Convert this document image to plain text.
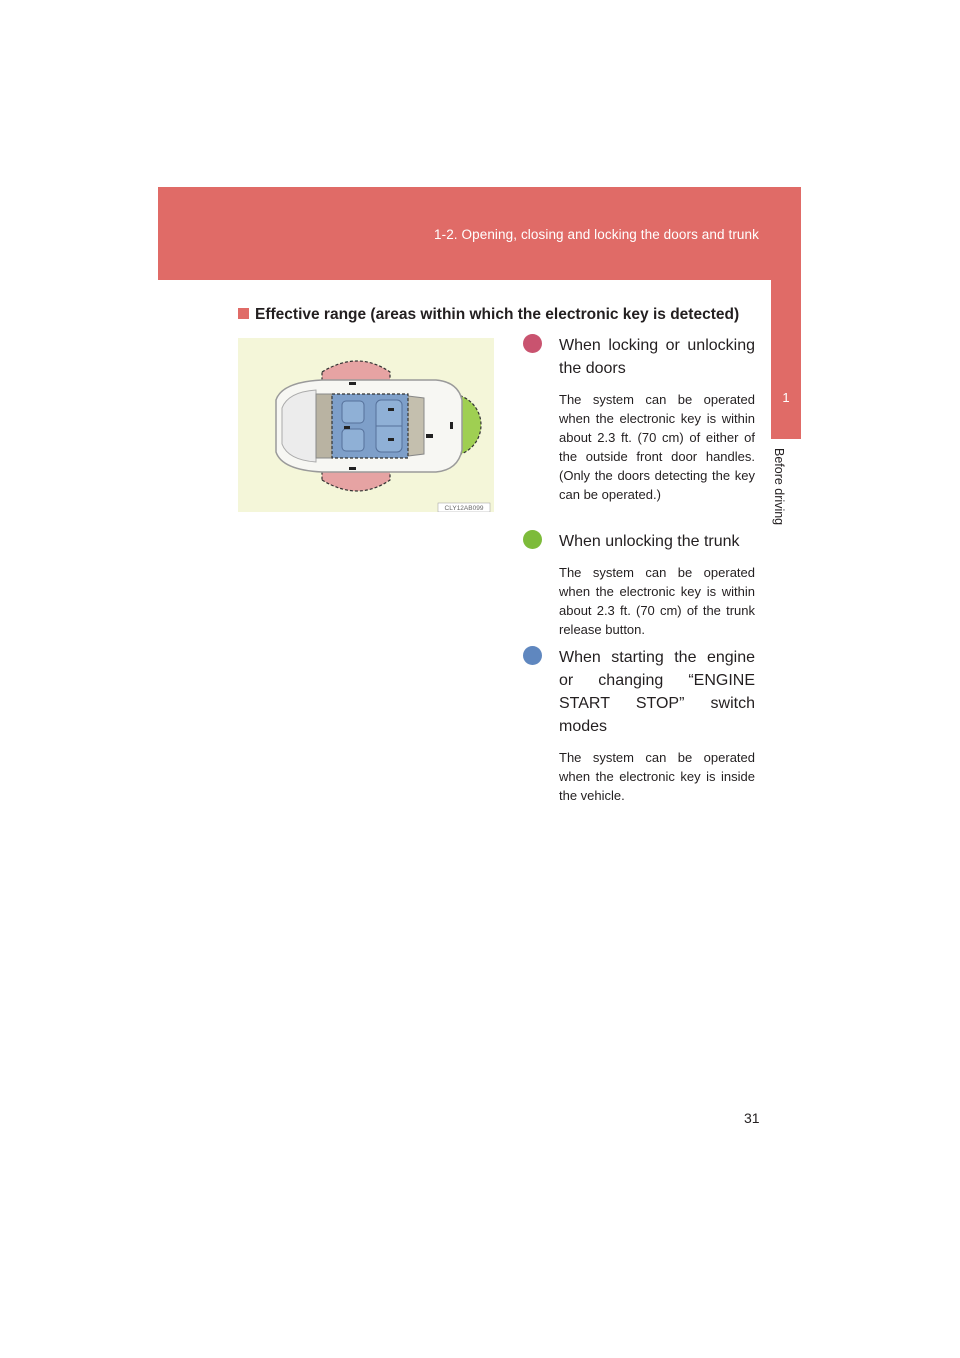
1-2. Opening, closing and locking the doors and trunk
1
Before driving
Effective range (areas within which the electronic key is detected)
CLY12AB099
When locking or unlocking the doors
The system can be operated when the electronic key is within about 2.3 ft. (70 cm) of either of the outside front door handles. (Only the doors detecting the key can be operated.)
When unlocking the trunk
The system can be operated when the electronic key is within about 2.3 ft. (70 cm) of the trunk release button.
When starting the engine or changing “ENGINE START STOP” switch modes
The system can be operated when the electronic key is inside the vehicle.
31
